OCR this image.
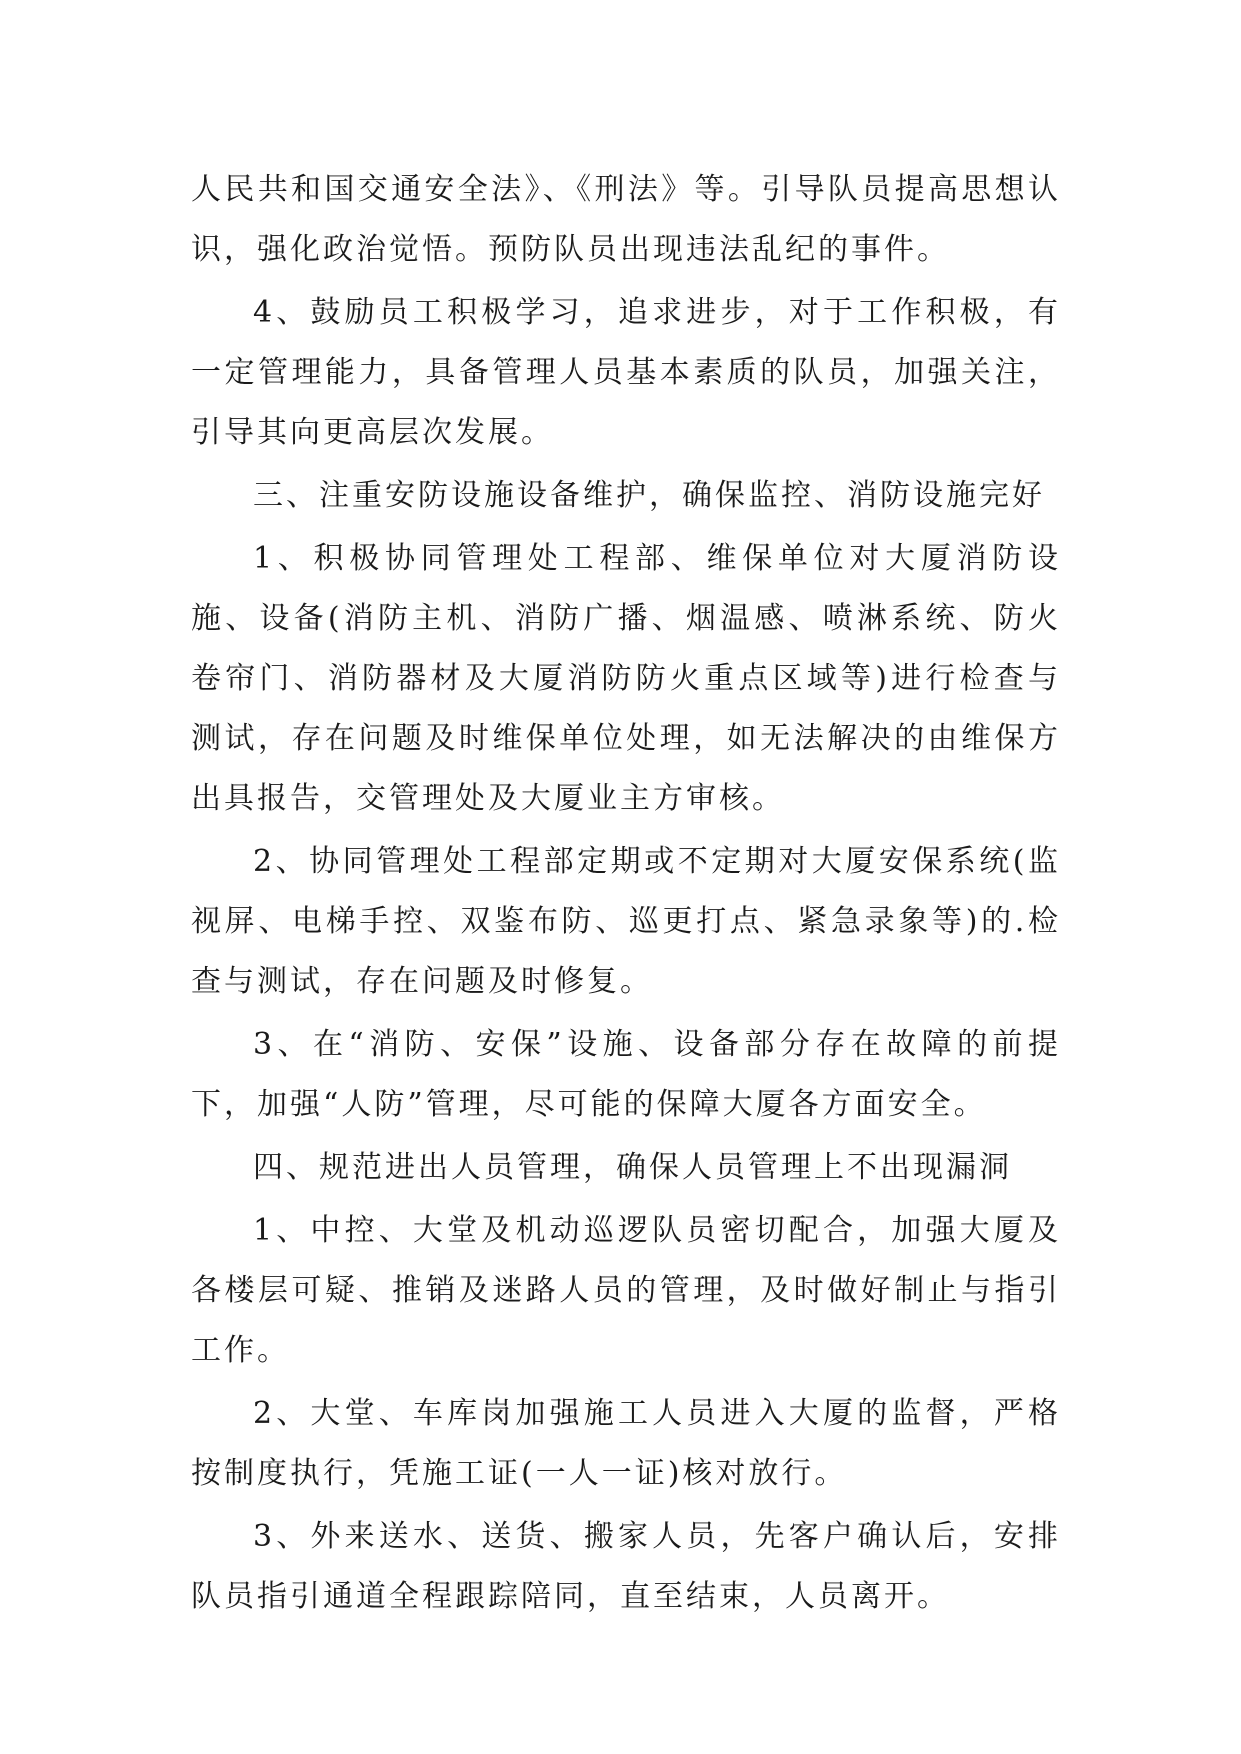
人民共和国交通安全法》、《刑法》等。引导队员提高思想认识，强化政治觉悟。预防队员出现违法乱纪的事件。

4、鼓励员工积极学习，追求进步，对于工作积极，有一定管理能力，具备管理人员基本素质的队员，加强关注，引导其向更高层次发展。

三、注重安防设施设备维护，确保监控、消防设施完好

1、积极协同管理处工程部、维保单位对大厦消防设施、设备(消防主机、消防广播、烟温感、喷淋系统、防火卷帘门、消防器材及大厦消防防火重点区域等)进行检查与测试，存在问题及时维保单位处理，如无法解决的由维保方出具报告，交管理处及大厦业主方审核。

2、协同管理处工程部定期或不定期对大厦安保系统(监视屏、电梯手控、双鉴布防、巡更打点、紧急录象等)的.检查与测试，存在问题及时修复。

3、在“消防、安保”设施、设备部分存在故障的前提下，加强“人防”管理，尽可能的保障大厦各方面安全。

四、规范进出人员管理，确保人员管理上不出现漏洞

1、中控、大堂及机动巡逻队员密切配合，加强大厦及各楼层可疑、推销及迷路人员的管理，及时做好制止与指引工作。

2、大堂、车库岗加强施工人员进入大厦的监督，严格按制度执行，凭施工证(一人一证)核对放行。

3、外来送水、送货、搬家人员，先客户确认后，安排队员指引通道全程跟踪陪同，直至结束，人员离开。
